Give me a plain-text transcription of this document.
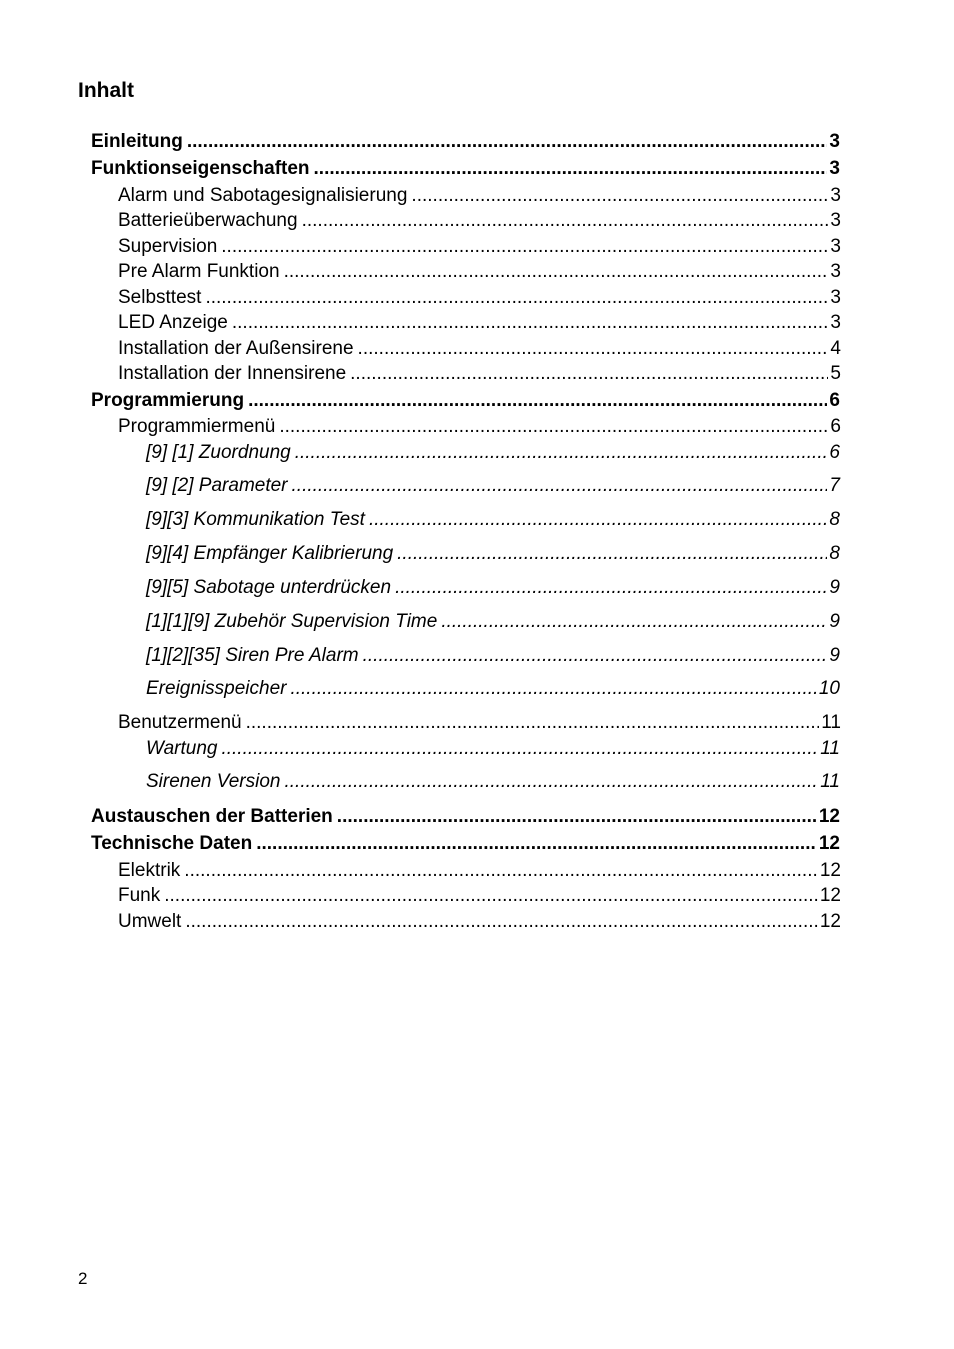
Inhalt
Einleitung .....	3
Funktionseigenschaften .....	3
Alarm und Sabotagesignalisierung .....	3
Batterieüberwachung .....	3
Supervision .....	3
Pre Alarm Funktion .....	3
Selbsttest .....	3
LED Anzeige .....	3
Installation der Außensirene .....	4
Installation der Innensirene .....	5
Programmierung .....	6
Programmiermenü .....	6
[9] [1] Zuordnung .....	6
[9] [2] Parameter .....	7
[9][3] Kommunikation Test .....	8
[9][4] Empfänger Kalibrierung .....	8
[9][5] Sabotage unterdrücken .....	9
[1][1][9] Zubehör Supervision Time .....	9
[1][2][35] Siren Pre Alarm .....	9
Ereignisspeicher .....	10
Benutzermenü .....	11
Wartung .....	11
Sirenen Version .....	11
Austauschen der Batterien .....	12
Technische Daten .....	12
Elektrik .....	12
Funk .....	12
Umwelt .....	12
2
